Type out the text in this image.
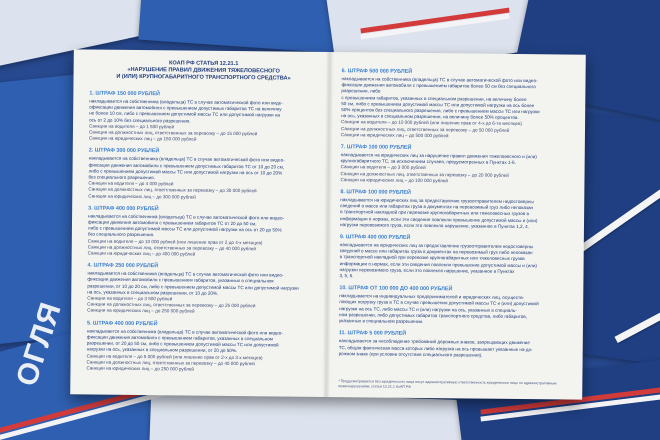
ОГЛЯ
КОАП РФ СТАТЬЯ 12.21.1
«НАРУШЕНИЕ ПРАВИЛ ДВИЖЕНИЯ ТЯЖЕЛОВЕСНОГО
И (ИЛИ) КРУПНОГАБАРИТНОГО ТРАНСПОРТНОГО СРЕДСТВА»
1. ШТРАФ 150 000 РУБЛЕЙ
накладывается на собственника (владельца) ТС в случае автоматической фото или виде-
офиксации движения автомобиля с превышением допустимых габаритов ТС на величину
не более 10 см, либо с превышением допустимой массы ТС или допустимой нагрузки на
ось от 2 до 10% без специального разрешения.
Санкции на водителя – до 1 500 рублей
Санкции на должностных лиц, ответственных за перевозку – до 15 000 рублей
Санкции на юридических лиц – до 150 000 рублей
2. ШТРАФ 300 000 РУБЛЕЙ
накладывается на собственника (владельца) ТС в случае автоматической фото или видео-
фиксации движения автомобиля с превышением допустимых габаритов ТС от 10 до 20 см,
либо с превышением допустимой массы ТС или допустимой нагрузки на ось от 10 до 20%
без специального разрешения.
Санкции на водителя – до 4 000 рублей
Санкции на должностных лиц, ответственных за перевозку – до 30 000 рублей
Санкции на юридических лиц – до 300 000 рублей
3. ШТРАФ 400 000 РУБЛЕЙ
накладывается на собственника (владельца) ТС в случае автоматической фото или видео-
фиксации движения автомобиля с превышением габаритов ТС от 20 до 50 см,
либо с превышением допустимой массы ТС или допустимой нагрузки на ось от 20 до 50%
без специального разрешения.
Санкции на водителя – до 10 000 рублей (или лишение прав от 2 до 4-х месяцев)
Санкции на должностных лиц, ответственных за перевозку – до 40 000 рублей
Санкции на юридических лиц – до 400 000 рублей
4. ШТРАФ 250 000 РУБЛЕЙ
накладывается на собственника (владельца) ТС в случае автоматической фото или видео-
фиксации движения автомобиля с превышением габаритов, указанных в специальном
разрешении, от 10 до 20 см, либо с превышением допустимой массы ТС или допустимой нагрузки
на ось, указанных в специальном разрешении, от 10 до 20%.
Санкции на водителя – до 3 500 рублей
Санкции на должностных лиц, ответственных за перевозку – до 25 000 рублей
Санкции на юридических лиц – до 250 000 рублей
5. ШТРАФ 400 000 РУБЛЕЙ
накладывается на собственника (владельца) ТС в случае автоматической фото или видео-
фиксации движения автомобиля с превышением габаритов, указанных в специальном
разрешении, от 20 до 50 см, либо с превышением допустимой массы ТС или допустимой
нагрузки на ось, указанных в специальном разрешении, от 20 до 50%.
Санкции на водителя – до 5 000 рублей (или лишение прав от 2-х до 3-х месяцев)
Санкции на должностных лиц, ответственных за перевозку – до 40 000 рублей
Санкции на юридических лиц – до 250 000 рублей
6. ШТРАФ 500 000 РУБЛЕЙ
накладывается на собственника (владельца) ТС в случае автоматической фото или видео-
фиксации движения автомобиля с превышением габаритов более 50 см без специального
разрешения, либо
с превышением габаритов, указанных в специальном разрешении, на величину более
50 см, либо с превышением допустимой массы ТС или допустимой нагрузки на ось более
50% процентов без специального разрешения, либо с превышением массы ТС или нагрузки
на ось, указанных в специальном разрешении, на величину более 50% процентов.
Санкции на водителя – до 10 000 рублей (или лишение прав от 4-х до 6-ти месяцев)
Санкции на должностных лиц, ответственных за перевозку – до 50 000 рублей
Санкции на юридических лиц – до 500 000 рублей
7. ШТРАФ 100 000 РУБЛЕЙ
накладывается на юридических лиц за нарушение правил движения тяжеловесного и (или)
крупногабаритного ТС, за исключением случаев, предусмотренных в Пунктах 1-6.
Санкции на водителя – до 3 000 рублей
Санкции на должностных лиц, ответственных за перевозку – до 20 000 рублей
Санкции на юридических лиц – до 100 000 рублей
8. ШТРАФ 100 000 РУБЛЕЙ
накладывается на юридических лиц за предоставление грузоотправителем недостоверны
сведений о массе или габаритах груза в документах на перевозимый груз либо непоказан
в транспортной накладной при перевозке крупногабаритных или тяжеловесных грузов в
информации о нормах, если эти сведения повлекли превышение допустимой массы и (или)
нагрузки перевозимого груза, если это повлекло нарушение, указанное в Пунктах 1,2, 4.
9. ШТРАФ 400 000 РУБЛЕЙ
накладывается на юридических лиц за предоставление грузоотправителем недостоверны
сведений о массе или габаритах груза в документах на перевозимый груз либо непоказан
в транспортной накладной при перевозке крупногабаритных или тяжеловесных грузов
информации о нормах, если эти сведения повлекли превышение допустимой массы и (или)
нагрузки перевозимого груза, если это повлекло нарушение, указанное в Пунктах
3, 5, 6.
10. ШТРАФ ОТ 100 000 ДО 400 000 РУБЛЕЙ
накладывается на индивидуальных предпринимателей и юридических лиц, осуществ-
ляющих погрузку груза в ТС в случае превышения допустимой массы ТС и (или) допустимой
нагрузки на ось ТС, либо массы ТС и (или) нагрузки на ось, указанных в специаль-
ном разрешении, либо допустимых габаритов транспортного средства, либо габаритов,
указанных в специальном разрешении.
11. ШТРАФ 5 000 РУБЛЕЙ
накладывается за несоблюдение требований дорожных знаков, запрещающих движение
ТС, общая фактическая масса которых либо нагрузка на ось превышает указанные на до-
рожном знаке (при условии отсутствия специального разрешения).
* Предусматривается без юридического лица несут административную ответственность юридическое лицо по административным правонарушениям, статья 12.21.1 КоАП РФ
